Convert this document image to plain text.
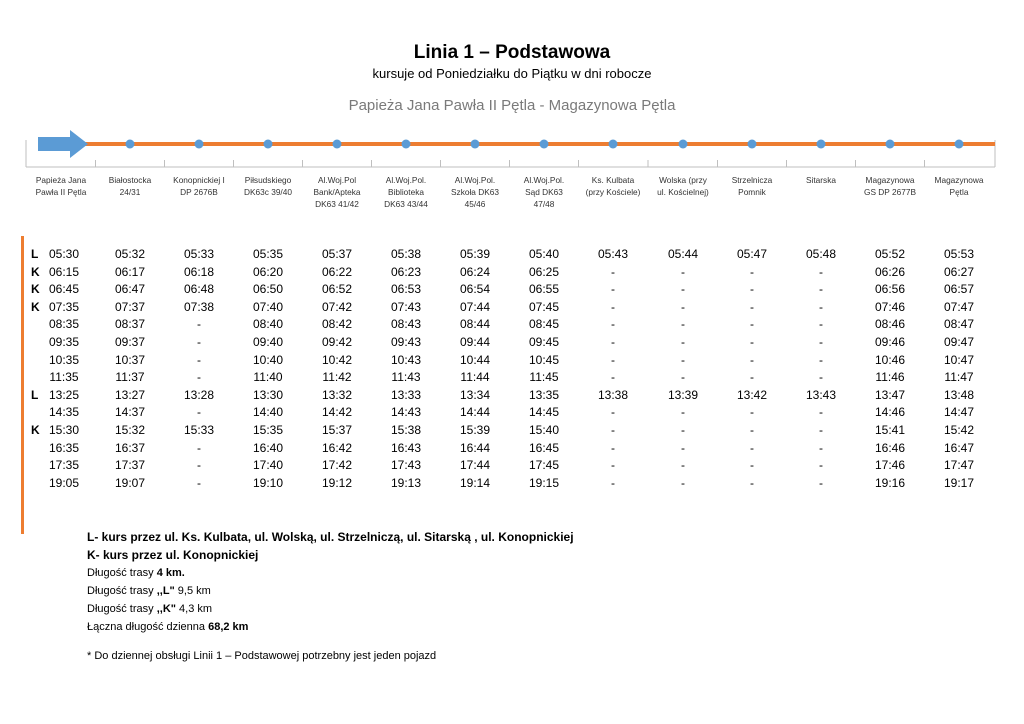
Linia 1 – Podstawowa
kursuje od Poniedziałku do Piątku w dni robocze
Papieża Jana Pawła II Pętla - Magazynowa Pętla
Papieża Jana
Pawła II Pętla
Białostocka
24/31
Konopnickiej I
DP 2676B
Piłsudskiego
DK63c 39/40
Al.Woj.Pol
Bank/Apteka
DK63 41/42
Al.Woj.Pol.
Biblioteka
DK63 43/44
Al.Woj.Pol.
Szkoła DK63
45/46
Al.Woj.Pol.
Sąd DK63
47/48
Ks. Kulbata
(przy Kościele)
Wolska (przy
ul. Kościelnej)
Strzelnicza
Pomnik
Sitarska	Magazynowa
GS DP 2677B
Magazynowa
Pętla
L 05:30	05:32	05:33	05:35	05:37	05:38	05:39	05:40	05:43	05:44	05:47	05:48	05:52	05:53
K 06:15	06:17	06:18	06:20	06:22	06:23	06:24	06:25	-	-	-	-	06:26	06:27
K 06:45	06:47	06:48	06:50	06:52	06:53	06:54	06:55	-	-	-	-	06:56	06:57
K 07:35	07:37	07:38	07:40	07:42	07:43	07:44	07:45	-	-	-	-	07:46	07:47
08:35	08:37	-	08:40	08:42	08:43	08:44	08:45	-	-	-	-	08:46	08:47
09:35	09:37	-	09:40	09:42	09:43	09:44	09:45	-	-	-	-	09:46	09:47
10:35	10:37	-	10:40	10:42	10:43	10:44	10:45	-	-	-	-	10:46	10:47
11:35	11:37	-	11:40	11:42	11:43	11:44	11:45	-	-	-	-	11:46	11:47
L 13:25	13:27	13:28	13:30	13:32	13:33	13:34	13:35	13:38	13:39	13:42	13:43	13:47	13:48
14:35	14:37	-	14:40	14:42	14:43	14:44	14:45	-	-	-	-	14:46	14:47
K 15:30	15:32	15:33	15:35	15:37	15:38	15:39	15:40	-	-	-	-	15:41	15:42
16:35	16:37	-	16:40	16:42	16:43	16:44	16:45	-	-	-	-	16:46	16:47
17:35	17:37	-	17:40	17:42	17:43	17:44	17:45	-	-	-	-	17:46	17:47
19:05	19:07	-	19:10	19:12	19:13	19:14	19:15	-	-	-	-	19:16	19:17
L- kurs przez ul. Ks. Kulbata, ul. Wolską, ul. Strzelniczą, ul. Sitarską , ul. Konopnickiej
K- kurs przez ul. Konopnickiej
Długość trasy 4 km.
Długość trasy ,,L" 9,5 km
Długość trasy ,,K" 4,3 km
Łączna długość dzienna 68,2 km
* Do dziennej obsługi Linii 1 – Podstawowej potrzebny jest jeden pojazd
